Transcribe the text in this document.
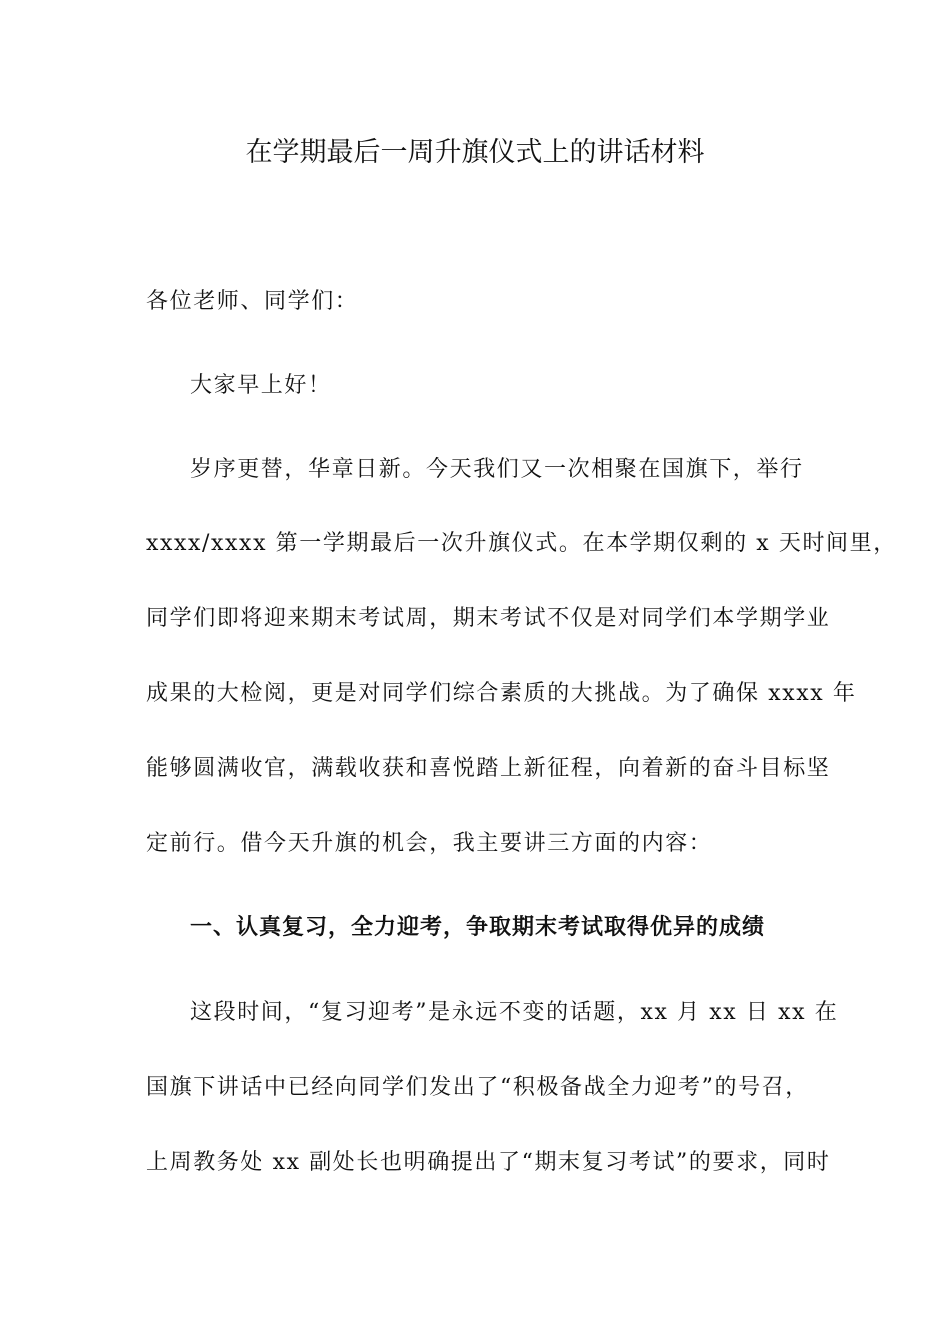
在学期最后一周升旗仪式上的讲话材料
各位老师、同学们：
大家早上好！
岁序更替，华章日新。今天我们又一次相聚在国旗下，举行
xxxx/xxxx 第一学期最后一次升旗仪式。在本学期仅剩的 x 天时间里，
同学们即将迎来期末考试周，期末考试不仅是对同学们本学期学业
成果的大检阅，更是对同学们综合素质的大挑战。为了确保 xxxx 年
能够圆满收官，满载收获和喜悦踏上新征程，向着新的奋斗目标坚
定前行。借今天升旗的机会，我主要讲三方面的内容：
一、认真复习，全力迎考，争取期末考试取得优异的成绩
这段时间，“复习迎考”是永远不变的话题，xx 月 xx 日 xx 在
国旗下讲话中已经向同学们发出了“积极备战全力迎考”的号召，
上周教务处 xx 副处长也明确提出了“期末复习考试”的要求，同时
